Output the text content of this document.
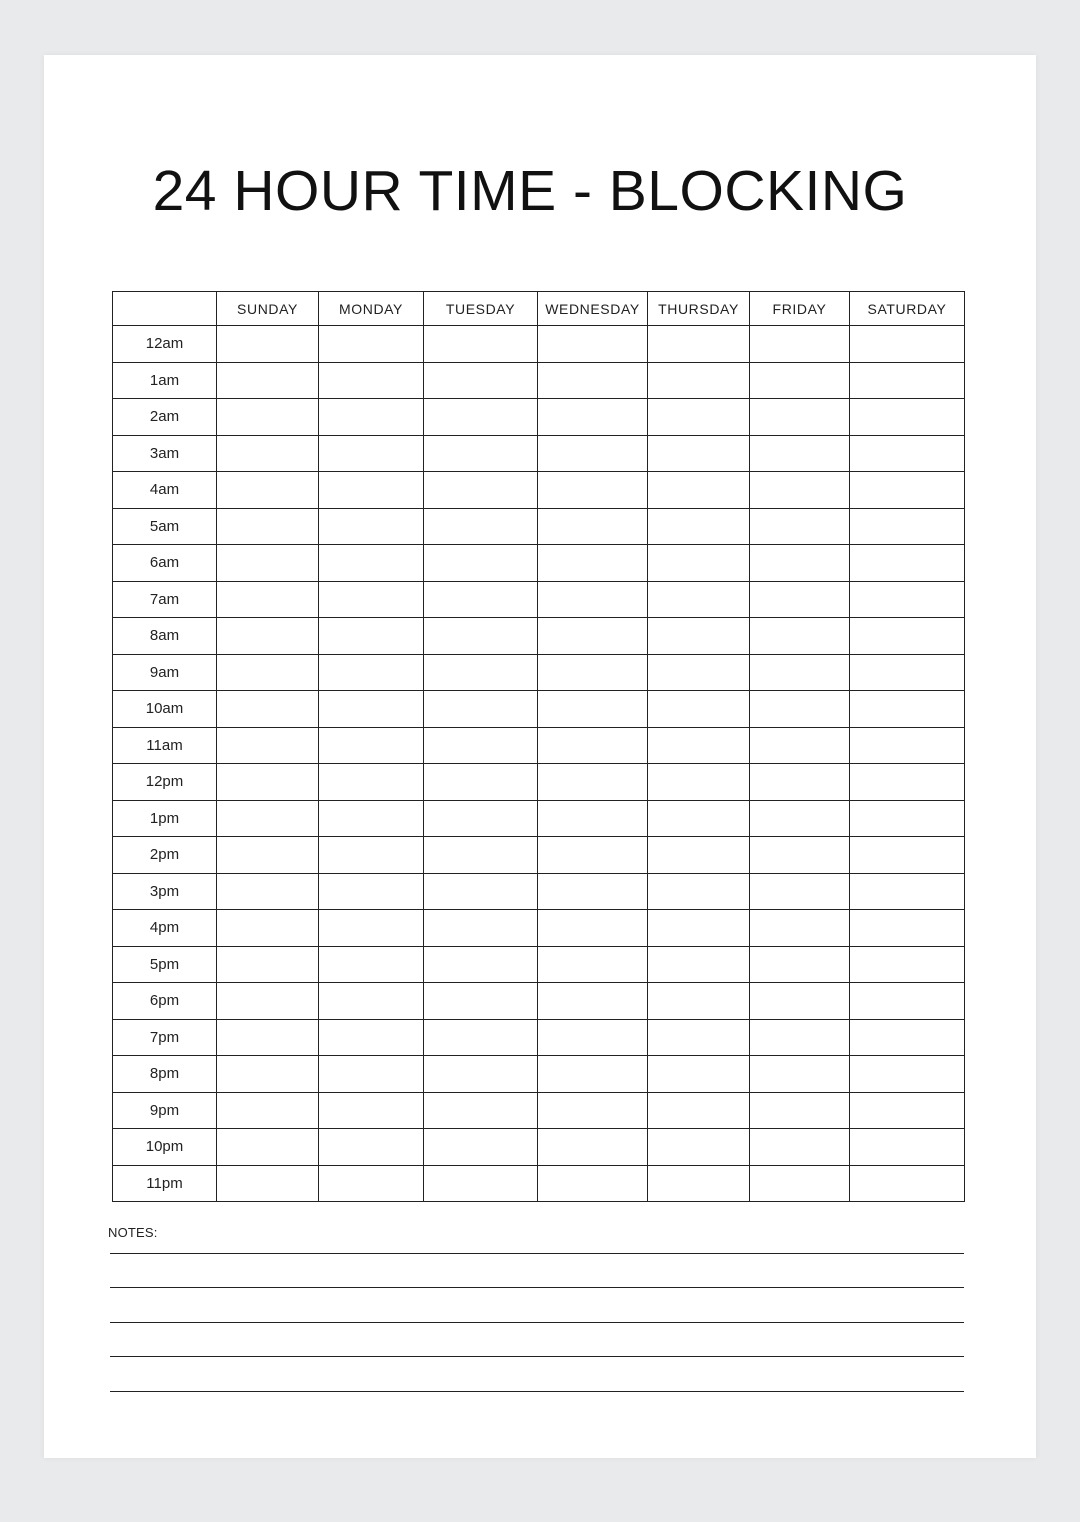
24 HOUR TIME - BLOCKING
	SUNDAY	MONDAY	TUESDAY	WEDNESDAY	THURSDAY	FRIDAY	SATURDAY
12am							
1am							
2am							
3am							
4am							
5am							
6am							
7am							
8am							
9am							
10am							
11am							
12pm							
1pm							
2pm							
3pm							
4pm							
5pm							
6pm							
7pm							
8pm							
9pm							
10pm							
11pm							
NOTES:
